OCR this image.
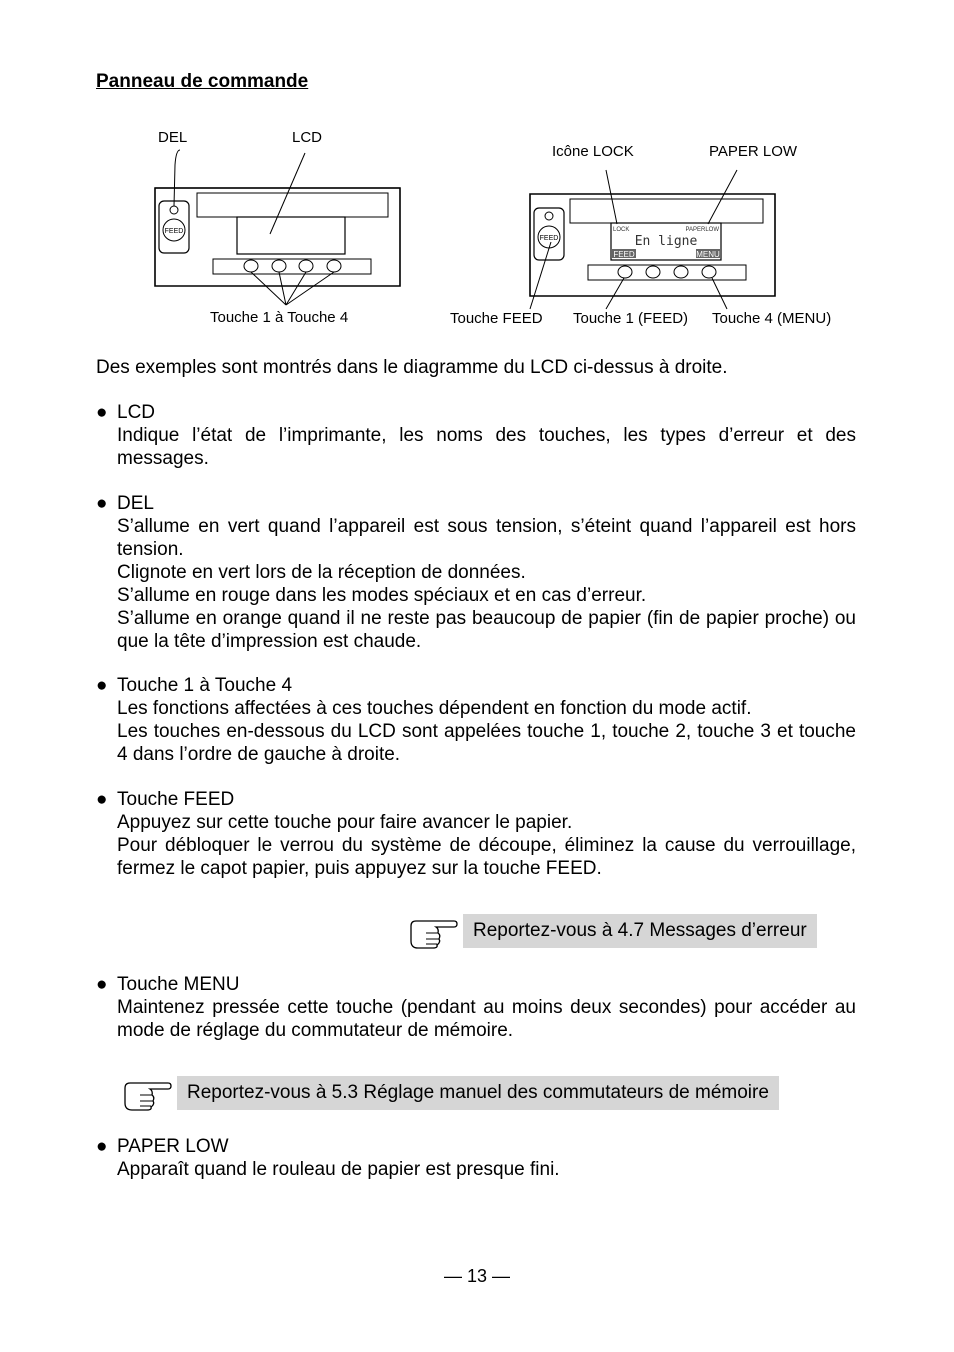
Panneau de commande
FEED
FEED
LOCK	PAPERLOW
En ligne
FEED	MENU
DEL	LCD
Touche 1 à Touche 4
Icône LOCK	PAPER LOW
Touche FEED Touche 1 (FEED) Touche 4 (MENU)
Des exemples sont montrés dans le diagramme du LCD ci-dessus à droite.
● LCD
Indique l’état de l’imprimante, les noms des touches, les types d’erreur et des messages.
● DEL
S’allume en vert quand l’appareil est sous tension, s’éteint quand l’appareil est hors tension.
Clignote en vert lors de la réception de données.
S’allume en rouge dans les modes spéciaux et en cas d’erreur.
S’allume en orange quand il ne reste pas beaucoup de papier (fin de papier proche) ou que la tête d’impression est chaude.
● Touche 1 à Touche 4
Les fonctions affectées à ces touches dépendent en fonction du mode actif.
Les touches en-dessous du LCD sont appelées touche 1, touche 2, touche 3 et touche 4 dans l’ordre de gauche à droite.
● Touche FEED
Appuyez sur cette touche pour faire avancer le papier.
Pour débloquer le verrou du système de découpe, éliminez la cause du verrouillage, fermez le capot papier, puis appuyez sur la touche FEED.
Reportez-vous à 4.7 Messages d’erreur
● Touche MENU
Maintenez pressée cette touche (pendant au moins deux secondes) pour accéder au mode de réglage du commutateur de mémoire.
Reportez-vous à 5.3 Réglage manuel des commutateurs de mémoire
● PAPER LOW
Apparaît quand le rouleau de papier est presque fini.
— 13 —
